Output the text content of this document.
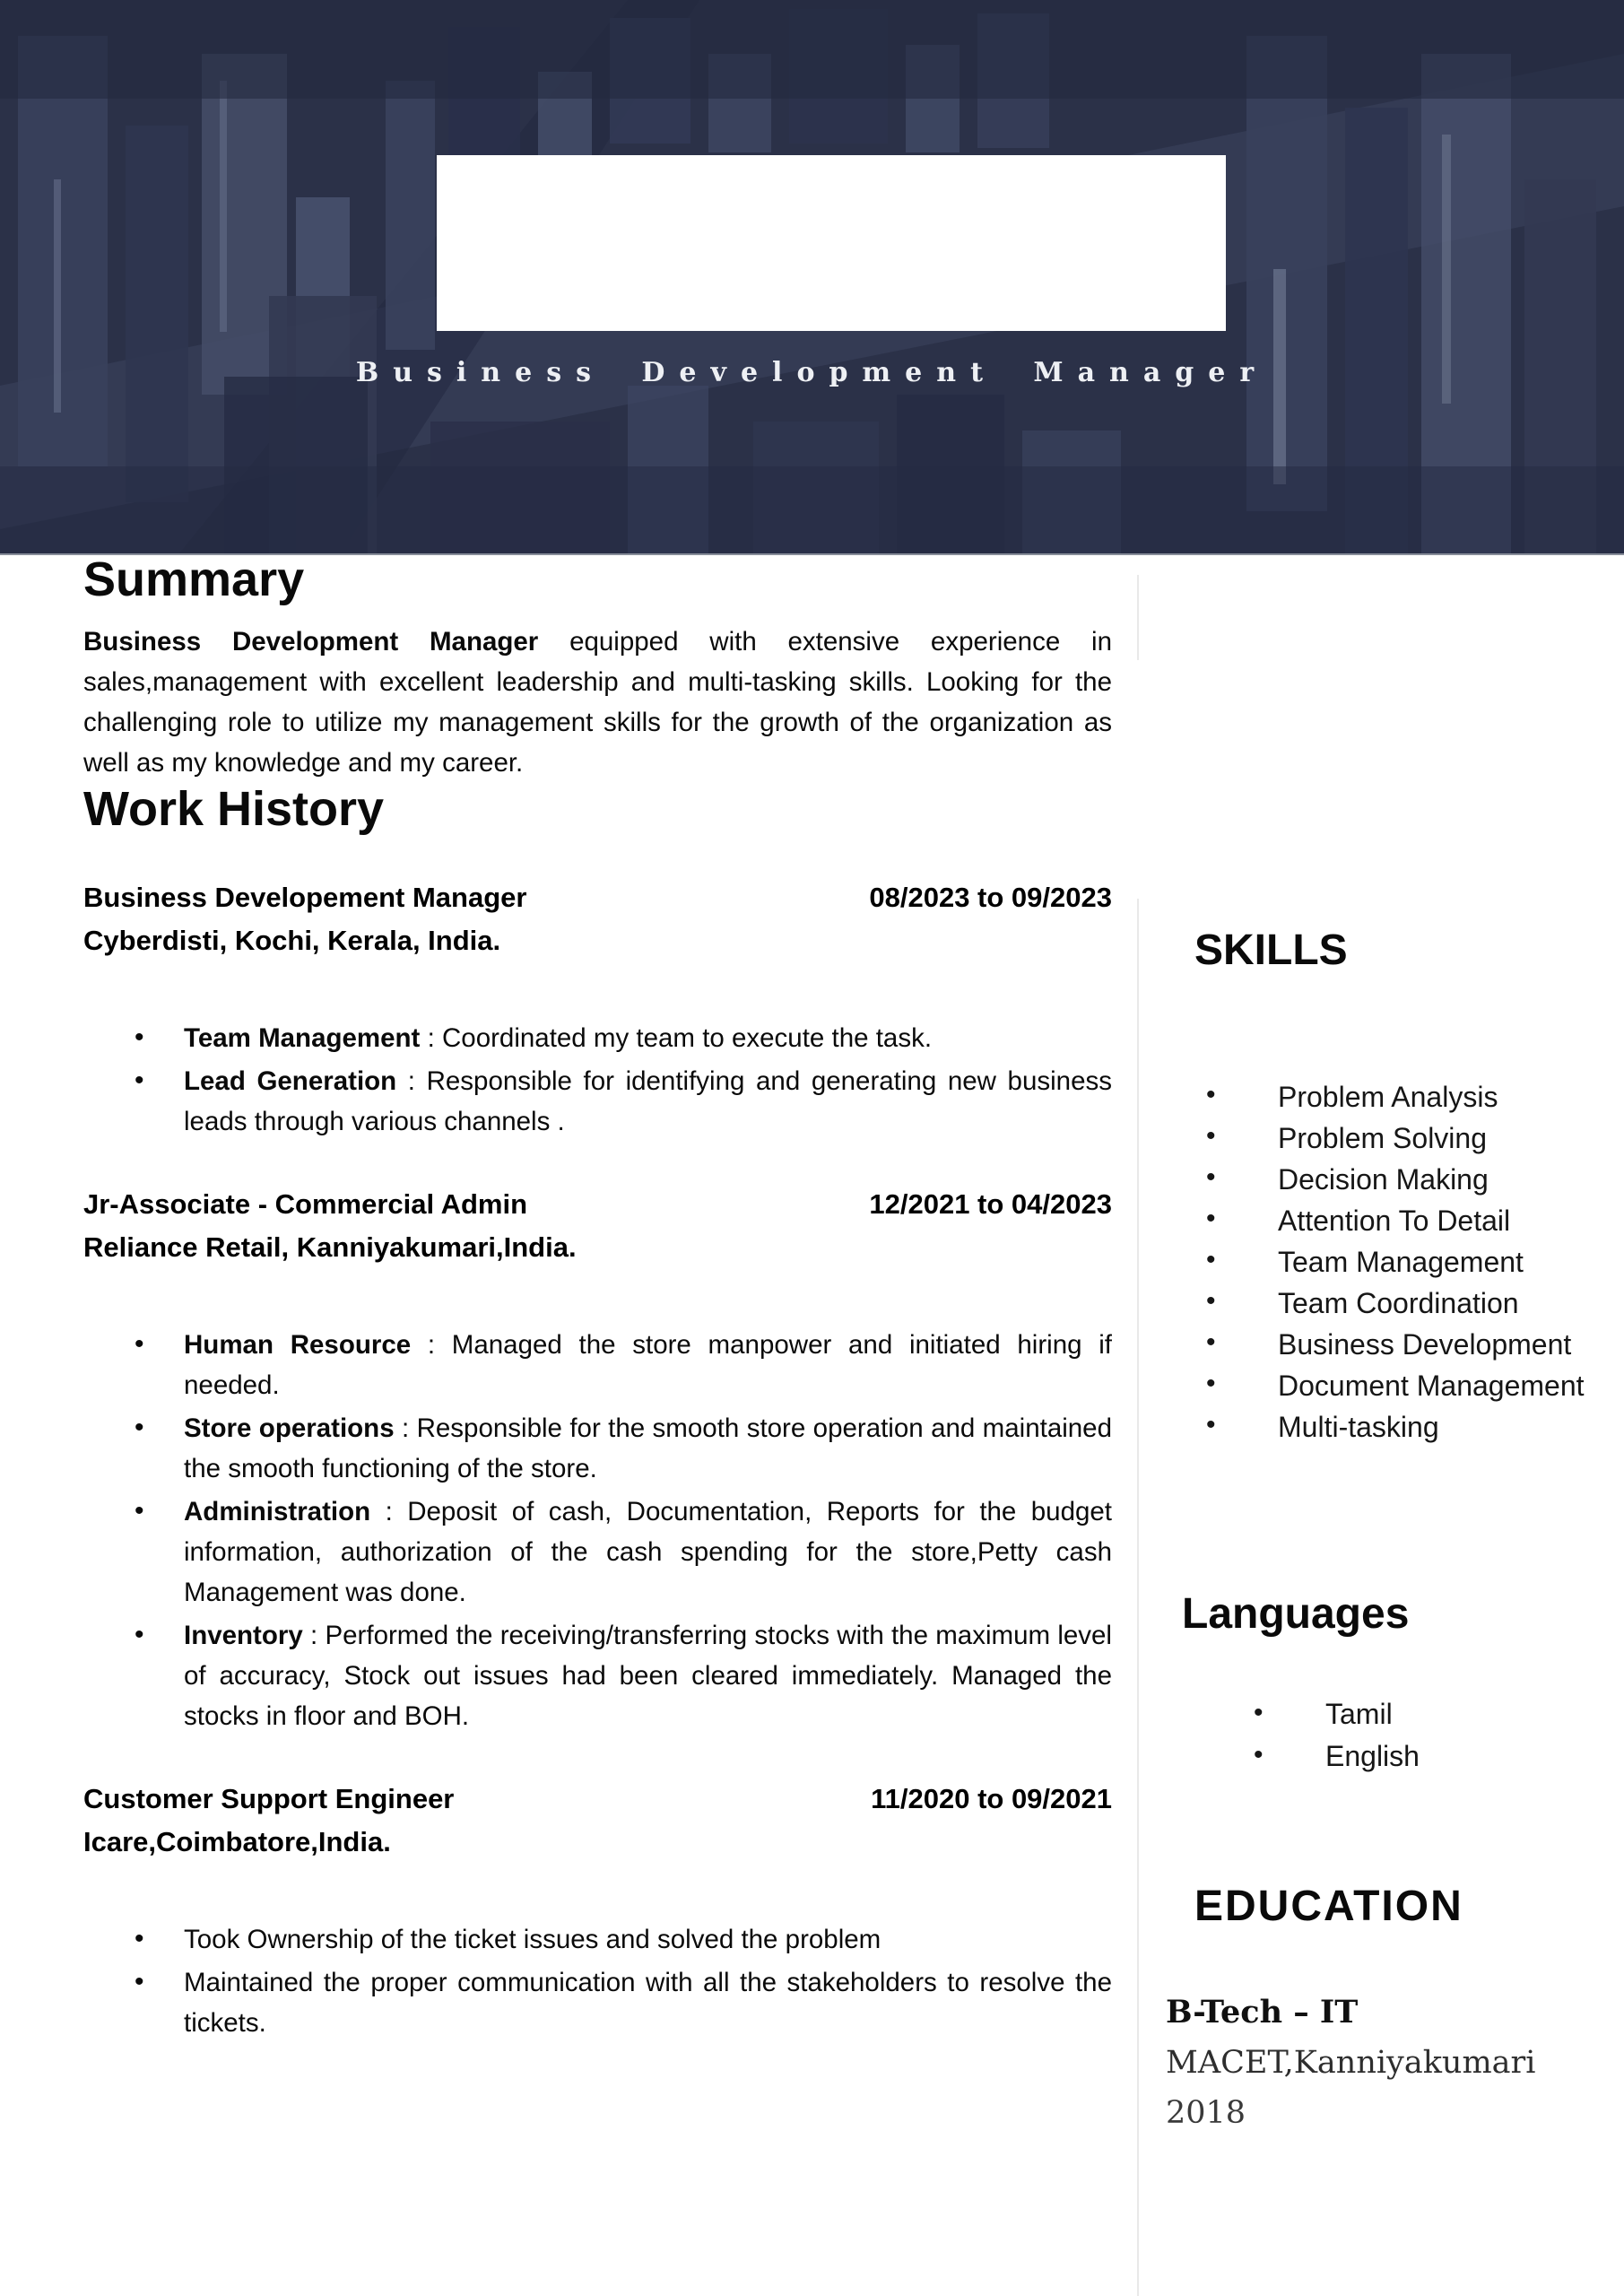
Business Development Manager
Summary

Business Development Manager equipped with extensive experience in sales,management with excellent leadership and multi-tasking skills. Looking for the challenging role to utilize my management skills for the growth of the organization as well as my knowledge and my career.

Work History
Business Developement Manager	08/2023 to 09/2023
Cyberdisti, Kochi, Kerala, India.
• Team Management : Coordinated my team to execute the task.
• Lead Generation : Responsible for identifying and generating new business leads through various channels .
Jr-Associate - Commercial Admin	12/2021 to 04/2023
Reliance Retail, Kanniyakumari,India.
• Human Resource : Managed the store manpower and initiated hiring if needed.
• Store operations : Responsible for the smooth store operation and maintained the smooth functioning of the store.
• Administration : Deposit of cash, Documentation, Reports for the budget information, authorization of the cash spending for the store,Petty cash Management was done.
• Inventory : Performed the receiving/transferring stocks with the maximum level of accuracy, Stock out issues had been cleared immediately. Managed the stocks in floor and BOH.
Customer Support Engineer	11/2020 to 09/2021
Icare,Coimbatore,India.
• Took Ownership of the ticket issues and solved the problem
• Maintained the proper communication with all the stakeholders to resolve the tickets.
SKILLS
• Problem Analysis
• Problem Solving
• Decision Making
• Attention To Detail
• Team Management
• Team Coordination
• Business Development
• Document Management
• Multi-tasking
Languages
• Tamil
• English
EDUCATION
B-Tech – IT
MACET,Kanniyakumari
2018
